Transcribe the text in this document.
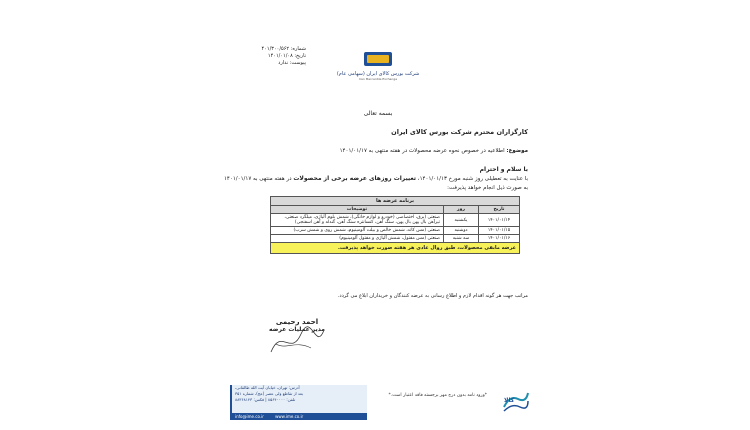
شماره: ۴۰۱/۳۰۰/۵۶۲
تاریخ: ۱۴۰۱/۰۱/۰۸
پیوست: ندارد
شرکت بورس کالای ایران (سهامی عام)
Iran Mercantile Exchange
بسمه تعالی
کارگزاران محترم شرکت بورس کالای ایران
موضوع: اطلاعیه در خصوص نحوه عرضه محصولات در هفته منتهی به ۱۴۰۱/۰۱/۱۷
با سلام و احترام
با عنایت به تعطیلی روز شنبه مورخ ۱۴۰۱/۰۱/۱۳، تغییرات روزهای عرضه برخی از محصولات در هفته منتهی به ۱۴۰۱/۰۱/۱۷ به صورت ذیل انجام خواهد پذیرفت:
برنامه عرضه ها		
تاریخ	روز	توضیحات
۱۴۰۱/۰۱/۱۴	یکشنبه	صنعتی (برق، اختصاصی (خودرو و لوازم خانگی)، شمش بلوم آلیاژی، میلگرد صنعتی، تیرآهن بال پهن بال پهن، سنگ آهن، کنسانتره سنگ آهن، گندله و آهن اسفنجی)
۱۴۰۱/۰۱/۱۵	دوشنبه	صنعتی (مس کاتد، شمش خالص و بیلت آلومینیوم، شمش روی و شمش سرب)
۱۴۰۱/۰۱/۱۶	سه شنبه	صنعتی (مس مفتول، شمش آلیاژی و مفتول آلومینیوم)
عرضه مابقی محصولات، طبق روال عادی هر هفته صورت خواهد پذیرفت.		
مراتب جهت هر گونه اقدام لازم و اطلاع رسانی به عرضه کنندگان و خریداران ابلاغ می گردد.
احمد رحیمی
مدیر عملیات عرضه
آدرس: تهران، خیابان آیت الله طالقانی،
بعد از تقاطع ولی عصر (عج)، شماره ۳۵۱
تلفن: ۸۵۶۴۰۰۰۰ | فکس: ۸۸۳۶۸۱۴۳
info@ime.co.ir	www.ime.co.ir
*ورود نامه بدون درج مهر برجسته فاقد اعتبار است.*
کالا
